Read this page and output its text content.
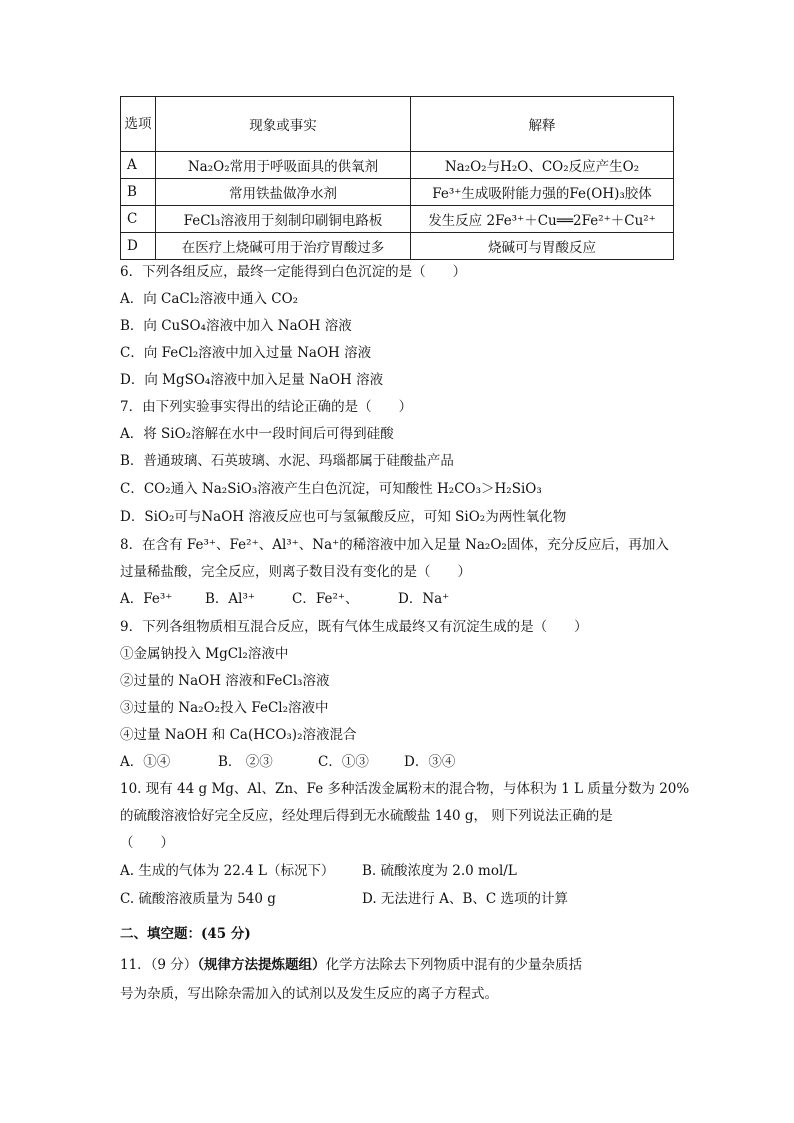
选项	现象或事实	解释
A	Na₂O₂常用于呼吸面具的供氧剂	Na₂O₂与H₂O、CO₂反应产生O₂
B	常用铁盐做净水剂	Fe³⁺生成吸附能力强的Fe(OH)₃胶体
C	FeCl₃溶液用于刻制印刷铜电路板	发生反应 2Fe³⁺＋Cu══2Fe²⁺＋Cu²⁺
D	在医疗上烧碱可用于治疗胃酸过多	烧碱可与胃酸反应
6．下列各组反应，最终一定能得到白色沉淀的是（　　）
A．向 CaCl₂溶液中通入 CO₂
B．向 CuSO₄溶液中加入 NaOH 溶液
C．向 FeCl₂溶液中加入过量 NaOH 溶液
D．向 MgSO₄溶液中加入足量 NaOH 溶液
7．由下列实验事实得出的结论正确的是（　　）
A．将 SiO₂溶解在水中一段时间后可得到硅酸
B．普通玻璃、石英玻璃、水泥、玛瑙都属于硅酸盐产品
C．CO₂通入 Na₂SiO₃溶液产生白色沉淀，可知酸性 H₂CO₃＞H₂SiO₃
D．SiO₂可与NaOH 溶液反应也可与氢氟酸反应，可知 SiO₂为两性氧化物
8．在含有 Fe³⁺、Fe²⁺、Al³⁺、Na⁺的稀溶液中加入足量 Na₂O₂固体，充分反应后，再加入
过量稀盐酸，完全反应，则离子数目没有变化的是（　　）
A．Fe³⁺ B．Al³⁺	C．Fe²⁺、	D．Na⁺
9．下列各组物质相互混合反应，既有气体生成最终又有沉淀生成的是（　　）
①金属钠投入 MgCl₂溶液中
②过量的 NaOH 溶液和FeCl₃溶液
③过量的 Na₂O₂投入 FeCl₂溶液中
④过量 NaOH 和 Ca(HCO₃)₂溶液混合
A．①④	B． ②③	C．①③	D．③④
10. 现有 44 g Mg、Al、Zn、Fe 多种活泼金属粉末的混合物，与体积为 1 L 质量分数为 20%
的硫酸溶液恰好完全反应，经处理后得到无水硫酸盐 140 g， 则下列说法正确的是
（　　）
A. 生成的气体为 22.4 L（标况下） B. 硫酸浓度为 2.0 mol/L
C. 硫酸溶液质量为 540 g	D. 无法进行 A、B、C 选项的计算
二、填空题：(45 分)
11．（9 分）（规律方法提炼题组）化学方法除去下列物质中混有的少量杂质括
号为杂质，写出除杂需加入的试剂以及发生反应的离子方程式。
